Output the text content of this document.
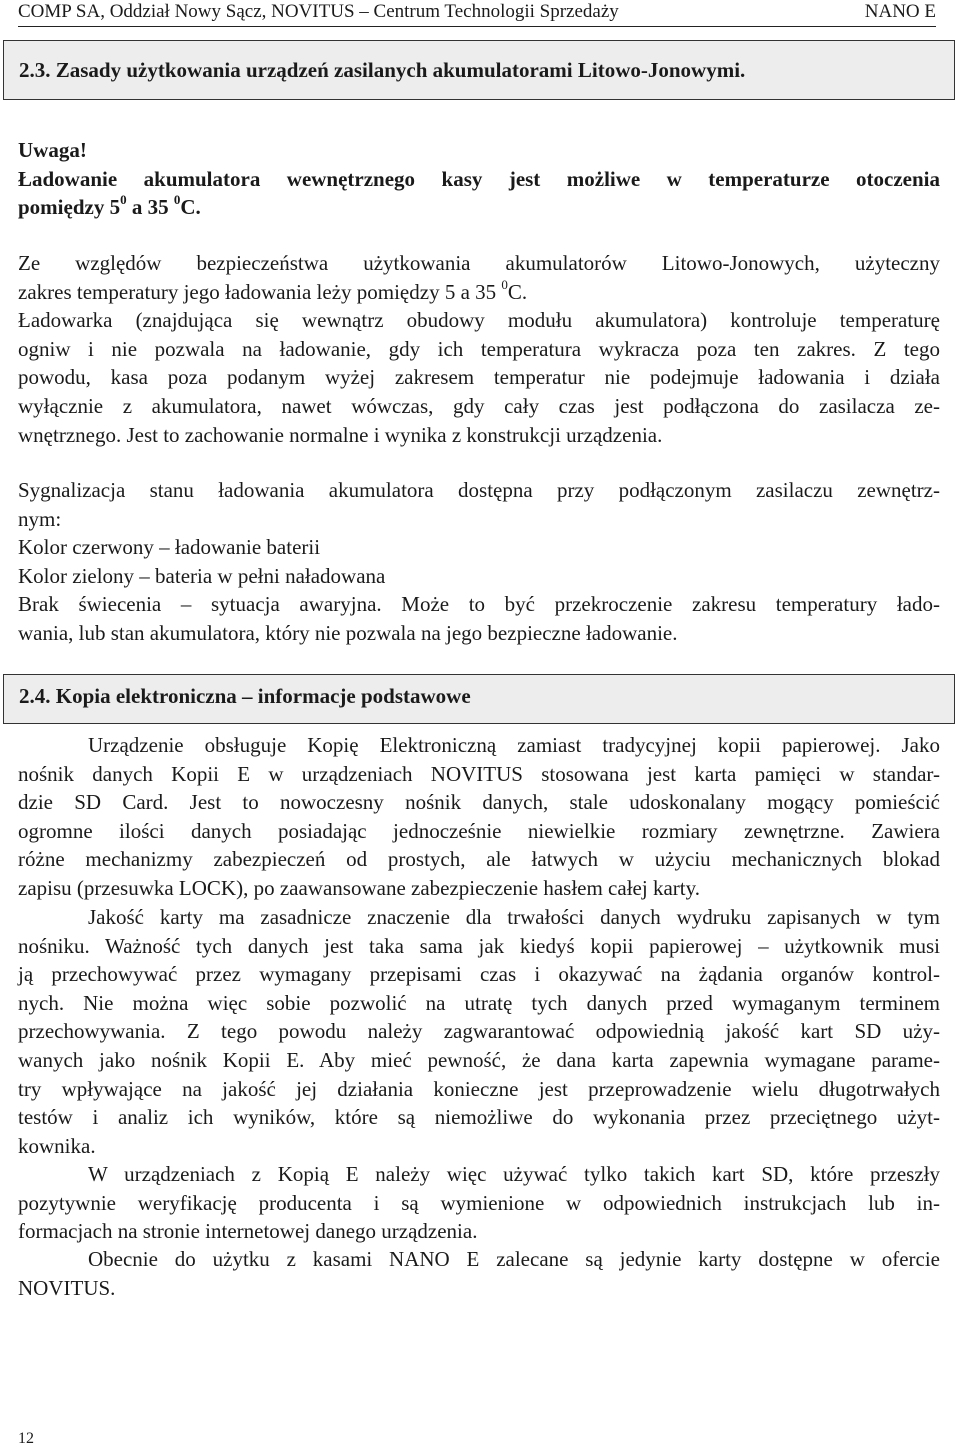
COMP SA, Oddział Nowy Sącz, NOVITUS – Centrum Technologii Sprzedaży	NANO E
2.3. Zasady użytkowania urządzeń zasilanych akumulatorami Litowo-Jonowymi.
Uwaga!
Ładowanie akumulatora wewnętrznego kasy jest możliwe w temperaturze otoczenia
pomiędzy $5^0$ a 35 $^0$C.
Ze względów bezpieczeństwa użytkowania akumulatorów Litowo-Jonowych, użyteczny
zakres temperatury jego ładowania leży pomiędzy 5 a 35 $^0$C.
Ładowarka (znajdująca się wewnątrz obudowy modułu akumulatora) kontroluje temperaturę
ogniw i nie pozwala na ładowanie, gdy ich temperatura wykracza poza ten zakres. Z tego
powodu, kasa poza podanym wyżej zakresem temperatur nie podejmuje ładowania i działa
wyłącznie z akumulatora, nawet wówczas, gdy cały czas jest podłączona do zasilacza ze-
wnętrznego. Jest to zachowanie normalne i wynika z konstrukcji urządzenia.
Sygnalizacja stanu ładowania akumulatora dostępna przy podłączonym zasilaczu zewnętrz-
nym:
Kolor czerwony – ładowanie baterii
Kolor zielony – bateria w pełni naładowana
Brak świecenia – sytuacja awaryjna. Może to być przekroczenie zakresu temperatury łado-
wania, lub stan akumulatora, który nie pozwala na jego bezpieczne ładowanie.
2.4. Kopia elektroniczna – informacje podstawowe
Urządzenie obsługuje Kopię Elektroniczną zamiast tradycyjnej kopii papierowej. Jako
nośnik danych Kopii E w urządzeniach NOVITUS stosowana jest karta pamięci w standar-
dzie SD Card. Jest to nowoczesny nośnik danych, stale udoskonalany mogący pomieścić
ogromne ilości danych posiadając jednocześnie niewielkie rozmiary zewnętrzne. Zawiera
różne mechanizmy zabezpieczeń od prostych, ale łatwych w użyciu mechanicznych blokad
zapisu (przesuwka LOCK), po zaawansowane zabezpieczenie hasłem całej karty.
Jakość karty ma zasadnicze znaczenie dla trwałości danych wydruku zapisanych w tym
nośniku. Ważność tych danych jest taka sama jak kiedyś kopii papierowej – użytkownik musi
ją przechowywać przez wymagany przepisami czas i okazywać na żądania organów kontrol-
nych. Nie można więc sobie pozwolić na utratę tych danych przed wymaganym terminem
przechowywania. Z tego powodu należy zagwarantować odpowiednią jakość kart SD uży-
wanych jako nośnik Kopii E. Aby mieć pewność, że dana karta zapewnia wymagane parame-
try wpływające na jakość jej działania konieczne jest przeprowadzenie wielu długotrwałych
testów i analiz ich wyników, które są niemożliwe do wykonania przez przeciętnego użyt-
kownika.
W urządzeniach z Kopią E należy więc używać tylko takich kart SD, które przeszły
pozytywnie weryfikację producenta i są wymienione w odpowiednich instrukcjach lub in-
formacjach na stronie internetowej danego urządzenia.
Obecnie do użytku z kasami NANO E zalecane są jedynie karty dostępne w ofercie
NOVITUS.
12
